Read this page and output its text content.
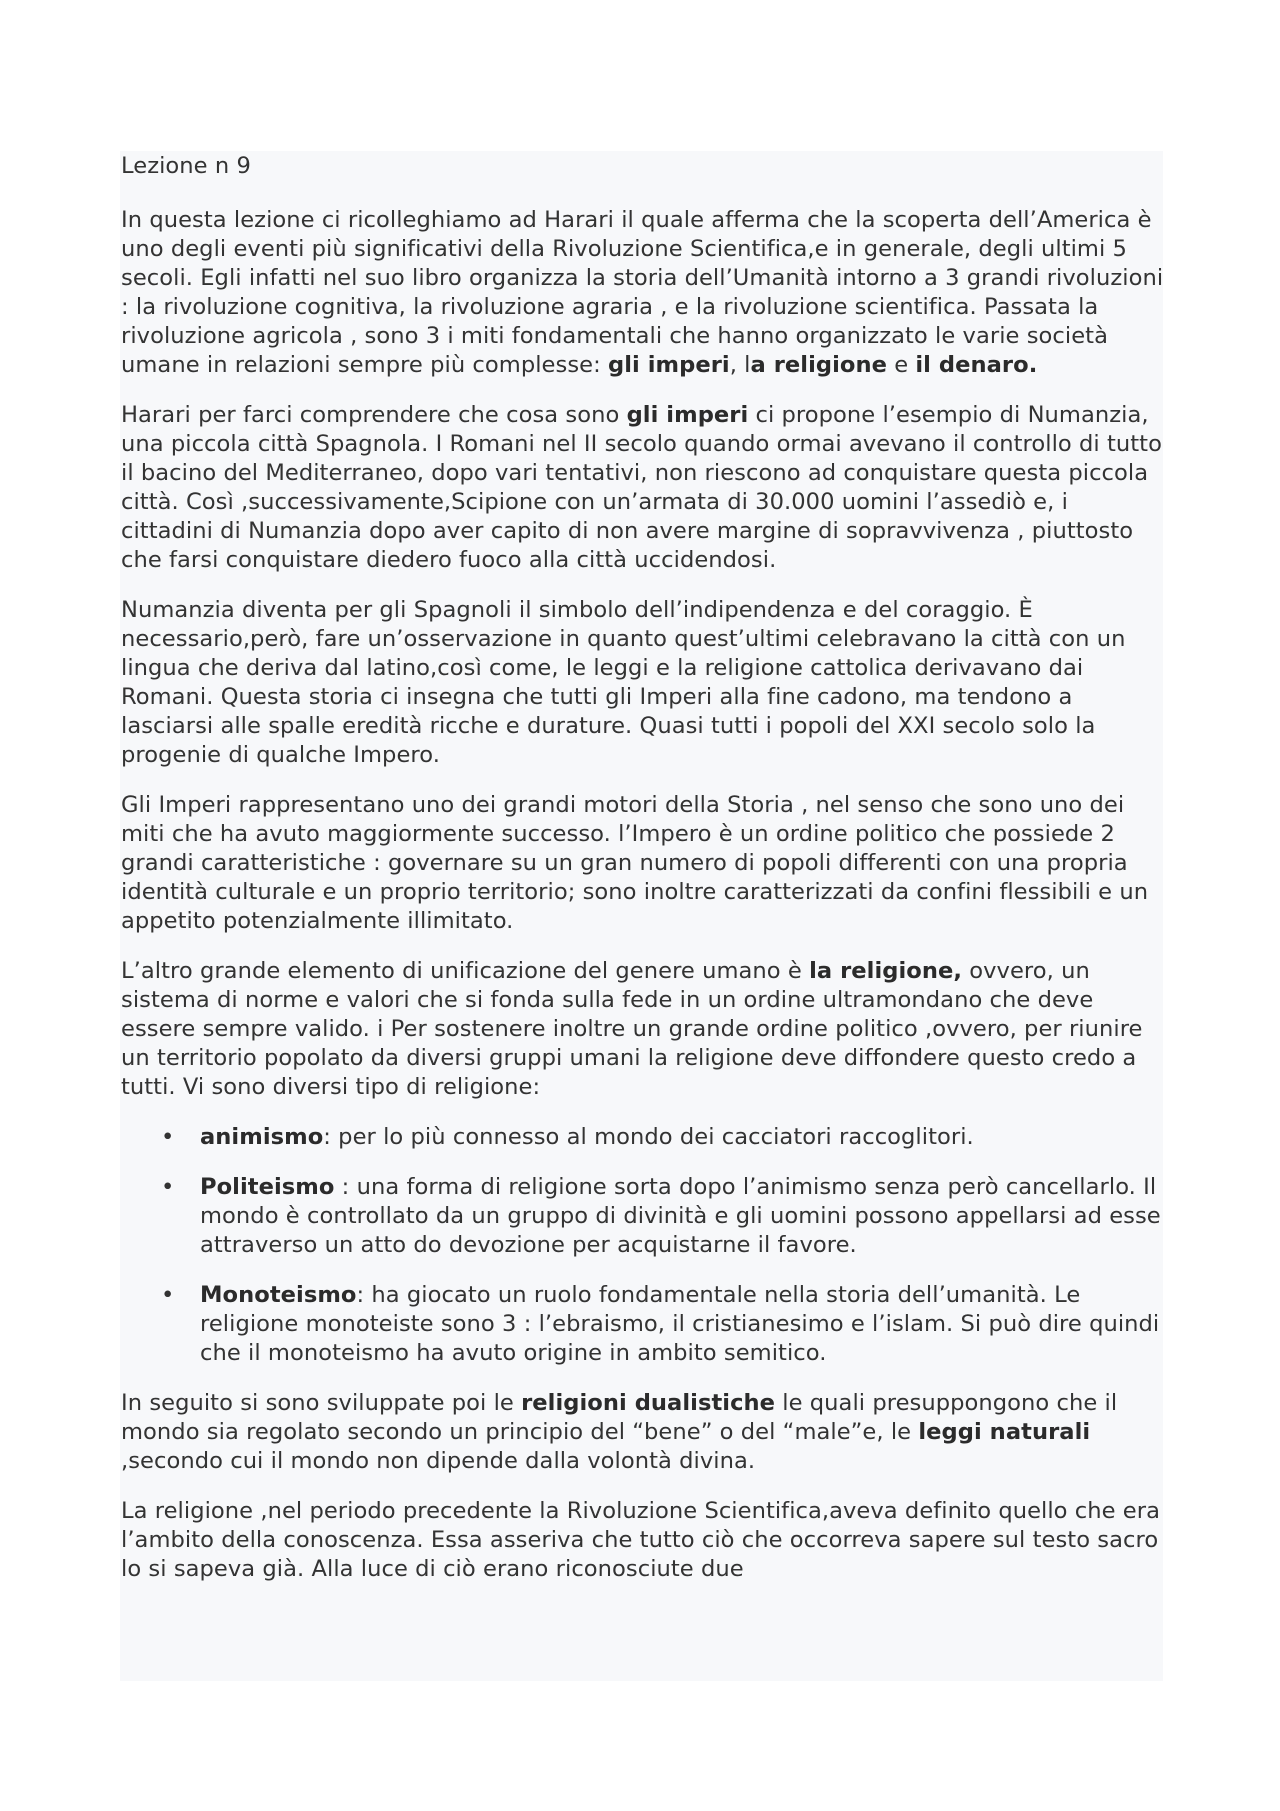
Lezione n 9

In questa lezione ci ricolleghiamo ad Harari il quale afferma che la scoperta dell’America è uno degli eventi più significativi della Rivoluzione Scientifica,e in generale, degli ultimi 5 secoli. Egli infatti nel suo libro organizza la storia dell’Umanità intorno a 3 grandi rivoluzioni : la rivoluzione cognitiva, la rivoluzione agraria , e la rivoluzione scientifica. Passata la rivoluzione agricola , sono 3 i miti fondamentali che hanno organizzato le varie società umane in relazioni sempre più complesse: gli imperi, la religione e il denaro.

Harari per farci comprendere che cosa sono gli imperi ci propone l’esempio di Numanzia, una piccola città Spagnola. I Romani nel II secolo quando ormai avevano il controllo di tutto il bacino del Mediterraneo, dopo vari tentativi, non riescono ad conquistare questa piccola città. Così ,successivamente,Scipione con un’armata di 30.000 uomini l’assediò e, i cittadini di Numanzia dopo aver capito di non avere margine di sopravvivenza , piuttosto che farsi conquistare diedero fuoco alla città uccidendosi.

Numanzia diventa per gli Spagnoli il simbolo dell’indipendenza e del coraggio. È necessario,però, fare un’osservazione in quanto quest’ultimi celebravano la città con un lingua che deriva dal latino,così come, le leggi e la religione cattolica derivavano dai Romani. Questa storia ci insegna che tutti gli Imperi alla fine cadono, ma tendono a lasciarsi alle spalle eredità ricche e durature. Quasi tutti i popoli del XXI secolo solo la progenie di qualche Impero.

Gli Imperi rappresentano uno dei grandi motori della Storia , nel senso che sono uno dei miti che ha avuto maggiormente successo. l’Impero è un ordine politico che possiede 2 grandi caratteristiche : governare su un gran numero di popoli differenti con una propria identità culturale e un proprio territorio; sono inoltre caratterizzati da confini flessibili e un appetito potenzialmente illimitato.

L’altro grande elemento di unificazione del genere umano è la religione, ovvero, un sistema di norme e valori che si fonda sulla fede in un ordine ultramondano che deve essere sempre valido. i Per sostenere inoltre un grande ordine politico ,ovvero, per riunire un territorio popolato da diversi gruppi umani la religione deve diffondere questo credo a tutti. Vi sono diversi tipo di religione:

• animismo: per lo più connesso al mondo dei cacciatori raccoglitori.
• Politeismo : una forma di religione sorta dopo l’animismo senza però cancellarlo. Il mondo è controllato da un gruppo di divinità e gli uomini possono appellarsi ad esse attraverso un atto do devozione per acquistarne il favore.
• Monoteismo: ha giocato un ruolo fondamentale nella storia dell’umanità. Le religione monoteiste sono 3 : l’ebraismo, il cristianesimo e l’islam. Si può dire quindi che il monoteismo ha avuto origine in ambito semitico.

In seguito si sono sviluppate poi le religioni dualistiche le quali presuppongono che il mondo sia regolato secondo un principio del “bene” o del “male”e, le leggi naturali ,secondo cui il mondo non dipende dalla volontà divina.

La religione ,nel periodo precedente la Rivoluzione Scientifica,aveva definito quello che era l’ambito della conoscenza. Essa asseriva che tutto ciò che occorreva sapere sul testo sacro lo si sapeva già. Alla luce di ciò erano riconosciute due
